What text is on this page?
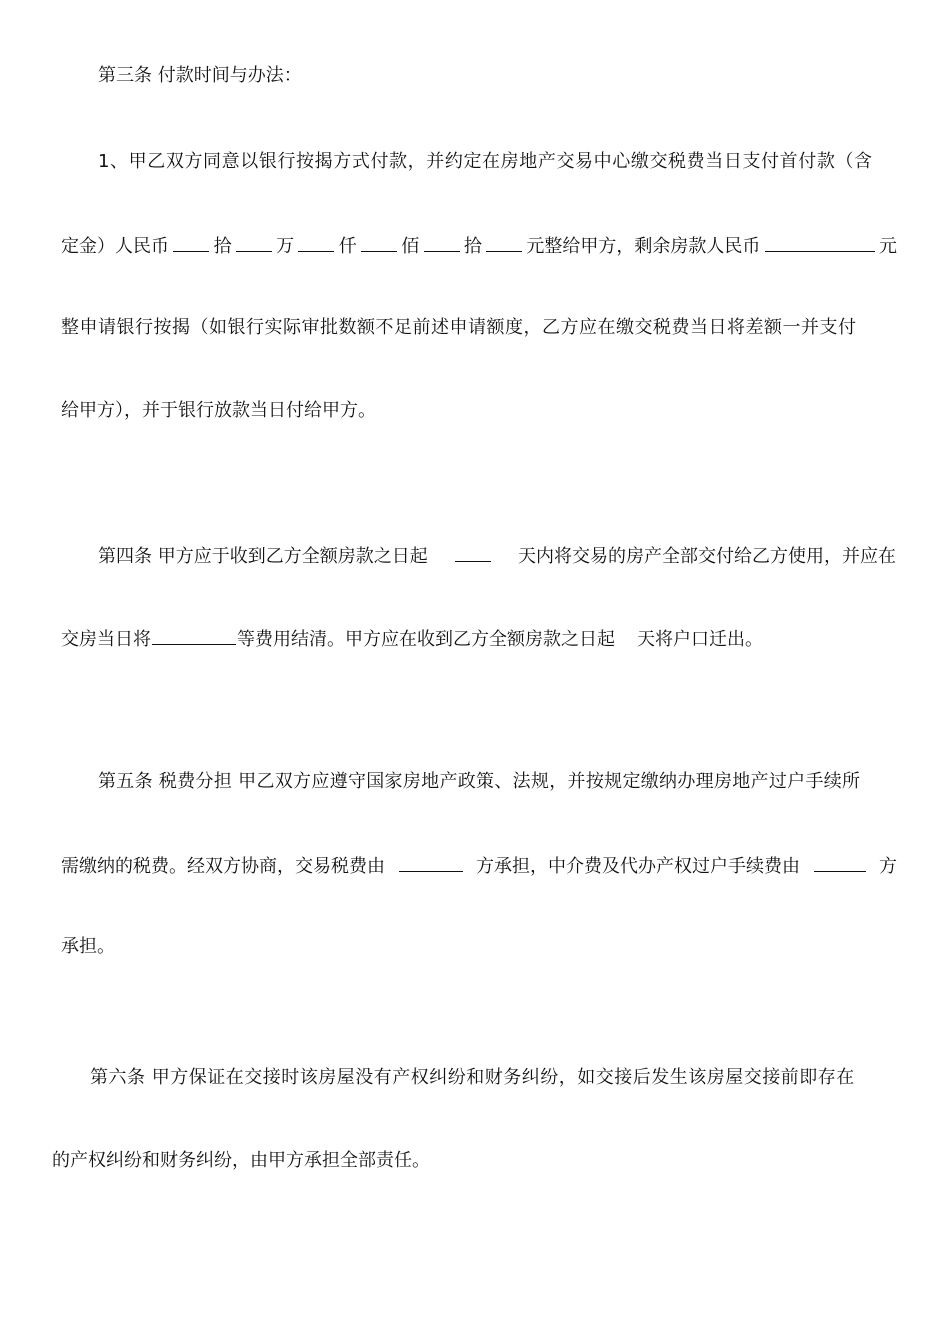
第三条 付款时间与办法：
1、甲乙双方同意以银行按揭方式付款，并约定在房地产交易中心缴交税费当日支付首付款（含
定金）人民币 拾 万 仟 佰 拾 元整给甲方，剩余房款人民币	元
整申请银行按揭（如银行实际审批数额不足前述申请额度，乙方应在缴交税费当日将差额一并支付
给甲方），并于银行放款当日付给甲方。
第四条 甲方应于收到乙方全额房款之日起	天内将交易的房产全部交付给乙方使用，并应在
交房当日将	等费用结清。甲方应在收到乙方全额房款之日起 天将户口迁出。
第五条 税费分担 甲乙双方应遵守国家房地产政策、法规，并按规定缴纳办理房地产过户手续所
需缴纳的税费。经双方协商，交易税费由	方承担，中介费及代办产权过户手续费由	方
承担。
第六条 甲方保证在交接时该房屋没有产权纠纷和财务纠纷，如交接后发生该房屋交接前即存在
的产权纠纷和财务纠纷，由甲方承担全部责任。
